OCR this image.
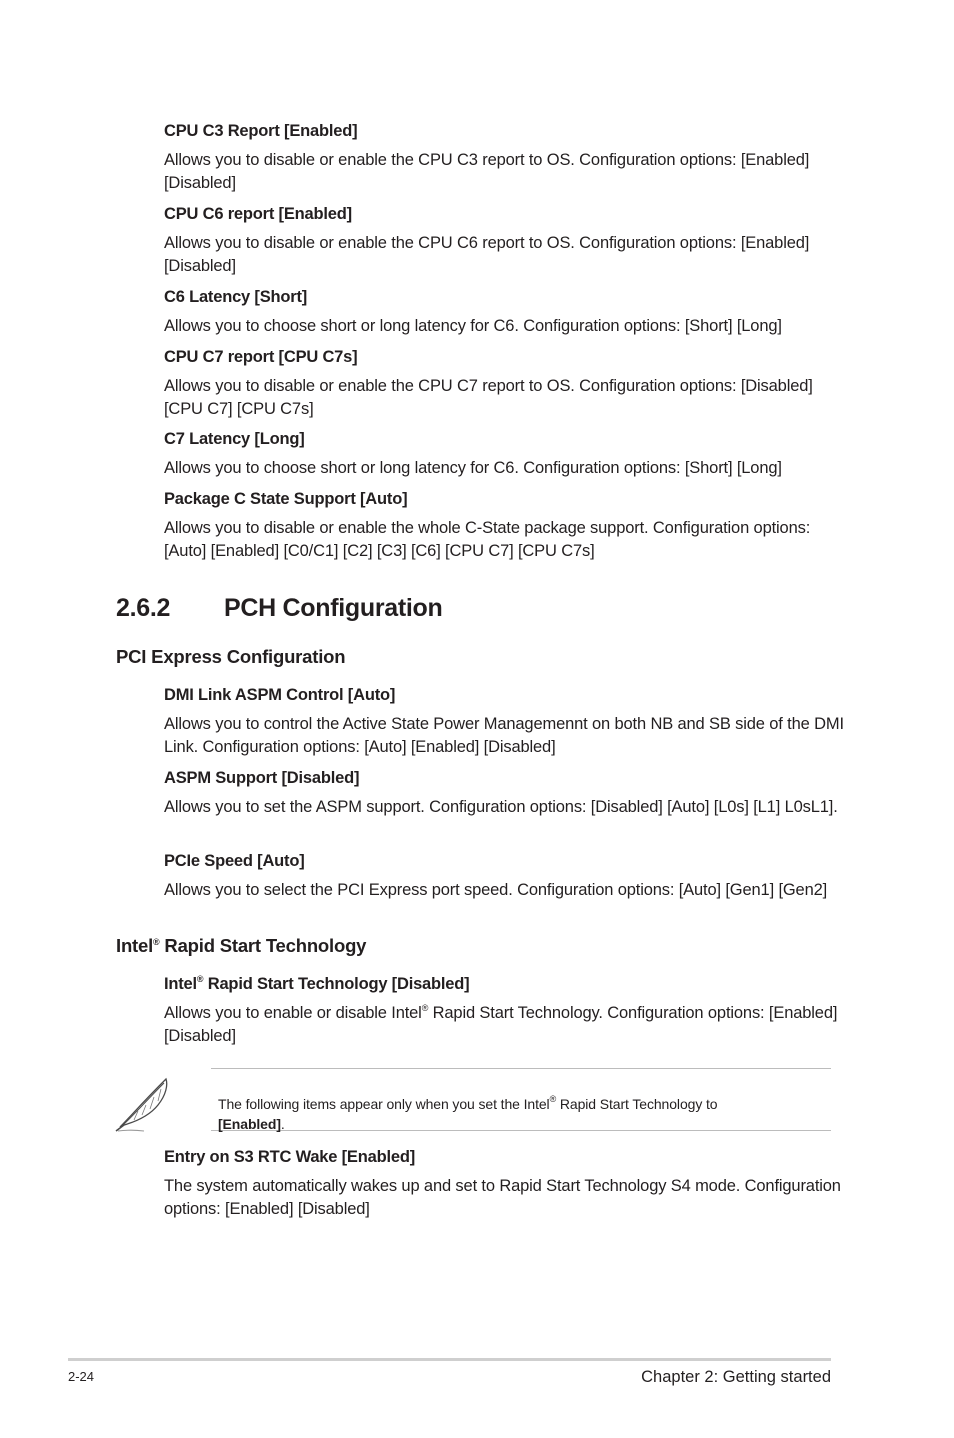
CPU C3 Report [Enabled]

Allows you to disable or enable the CPU C3 report to OS. Configuration options: [Enabled] [Disabled]

CPU C6 report [Enabled]

Allows you to disable or enable the CPU C6 report to OS. Configuration options: [Enabled] [Disabled]

C6 Latency [Short]

Allows you to choose short or long latency for C6. Configuration options: [Short] [Long]

CPU C7 report [CPU C7s]

Allows you to disable or enable the CPU C7 report to OS. Configuration options: [Disabled] [CPU C7] [CPU C7s]

C7 Latency [Long]

Allows you to choose short or long latency for C6. Configuration options: [Short] [Long]

Package C State Support [Auto]

Allows you to disable or enable the whole C-State package support. Configuration options: [Auto] [Enabled] [C0/C1] [C2] [C3] [C6] [CPU C7] [CPU C7s]

2.6.2 PCH Configuration
PCI Express Configuration

DMI Link ASPM Control [Auto]

Allows you to control the Active State Power Managemennt on both NB and SB side of the DMI Link. Configuration options: [Auto] [Enabled] [Disabled]

ASPM Support [Disabled]

Allows you to set the ASPM support. Configuration options: [Disabled] [Auto] [L0s] [L1] L0sL1].

PCIe Speed [Auto]

Allows you to select the PCI Express port speed. Configuration options: [Auto] [Gen1] [Gen2]

Intel® Rapid Start Technology

Intel® Rapid Start Technology [Disabled]

Allows you to enable or disable Intel® Rapid Start Technology. Configuration options: [Enabled] [Disabled]

The following items appear only when you set the Intel® Rapid Start Technology to
[Enabled].

Entry on S3 RTC Wake [Enabled]

The system automatically wakes up and set to Rapid Start Technology S4 mode. Configuration options: [Enabled] [Disabled]

2-24	Chapter 2: Getting started
